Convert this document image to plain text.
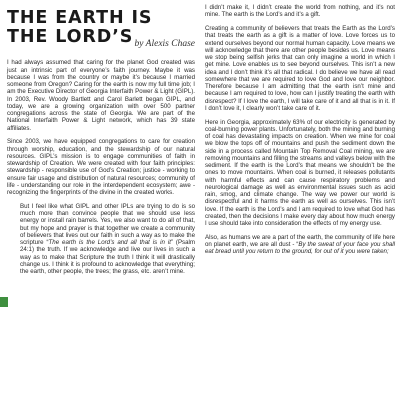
THE EARTH IS
THE LORD’S by Alexis Chase

I had always assumed that caring for the planet God created was just an intrinsic part of everyone’s faith journey. Maybe it was because I was from the country or maybe it’s because I married someone from Oregon? Caring for the earth is now my full time job; I am the Executive Director of Georgia Interfaith Power & Light (GIPL). In 2003, Rev. Woody Bartlett and Carol Barlett began GIPL, and today, we are a growing organization with over 500 partner congregations across the state of Georgia. We are part of the National Interfaith Power & Light network, which has 39 state affiliates.

Since 2003, we have equipped congregations to care for creation through worship, education, and the stewardship of our natural resources. GIPL’s mission is to engage communities of faith in stewardship of Creation. We were created with four faith principles: stewardship - responsible use of God’s Creation; justice - working to ensure fair usage and distribution of natural resources; community of life - understanding our role in the interdependent ecosystem; awe - recognizing the fingerprints of the divine in the created works.

But I feel like what GIPL and other IPLs are trying to do is so much more than convince people that we should use less energy or install rain barrels. Yes, we also want to do all of that, but my hope and prayer is that together we create a community of believers that lives out our faith in such a way as to make the scripture “The earth is the Lord’s and all that is in it” (Psalm 24:1) the truth. If we acknowledge and live our lives in such a way as to make that Scripture the truth I think it will drastically change us. I think it is profound to acknowledge that everything; the earth, other people, the trees; the grass, etc. aren’t mine.

I didn’t make it, I didn’t create the world from nothing, and it’s not mine. The earth is the Lord’s and it’s a gift.

Creating a community of believers that treats the Earth as the Lord’s that treats the earth as a gift is a matter of love. Love forces us to extend ourselves beyond our normal human capacity. Love means we will acknowledge that there are other people besides us. Love means we stop being selfish jerks that can only imagine a world in which I get mine. Love enables us to see beyond ourselves. This isn’t a new idea and I don’t think it’s all that radical. I do believe we have all read somewhere that we are required to love God and love our neighbor. Therefore because I am admitting that the earth isn’t mine and because I am required to love, how can I justify treating the earth with disrespect? If I love the earth, I will take care of it and all that is in it. If I don’t love it, I clearly won’t take care of it.

Here in Georgia, approximately 63% of our electricity is generated by coal-burning power plants. Unfortunately, both the mining and burning of coal has devastating impacts on creation. When we mine for coal we blow the tops off of mountains and push the sediment down the side in a process called Mountain Top Removal Coal mining, we are removing mountains and filling the streams and valleys below with the sediment. If the earth is the Lord’s that means we shouldn’t be the ones to move mountains. When coal is burned, it releases pollutants with harmful effects and can cause respiratory problems and neurological damage as well as environmental issues such as acid rain, smog, and climate change. The way we power our world is disrespectful and it harms the earth as well as ourselves. This isn’t love. If the earth is the Lord’s and I am required to love what God has created, then the decisions I make every day about how much energy I use should take into consideration the effects of my energy use.

Also, as humans we are a part of the earth, the community of life here on planet earth, we are all dust - “By the sweat of your face you shall eat bread until you return to the ground, for out of it you were taken;
